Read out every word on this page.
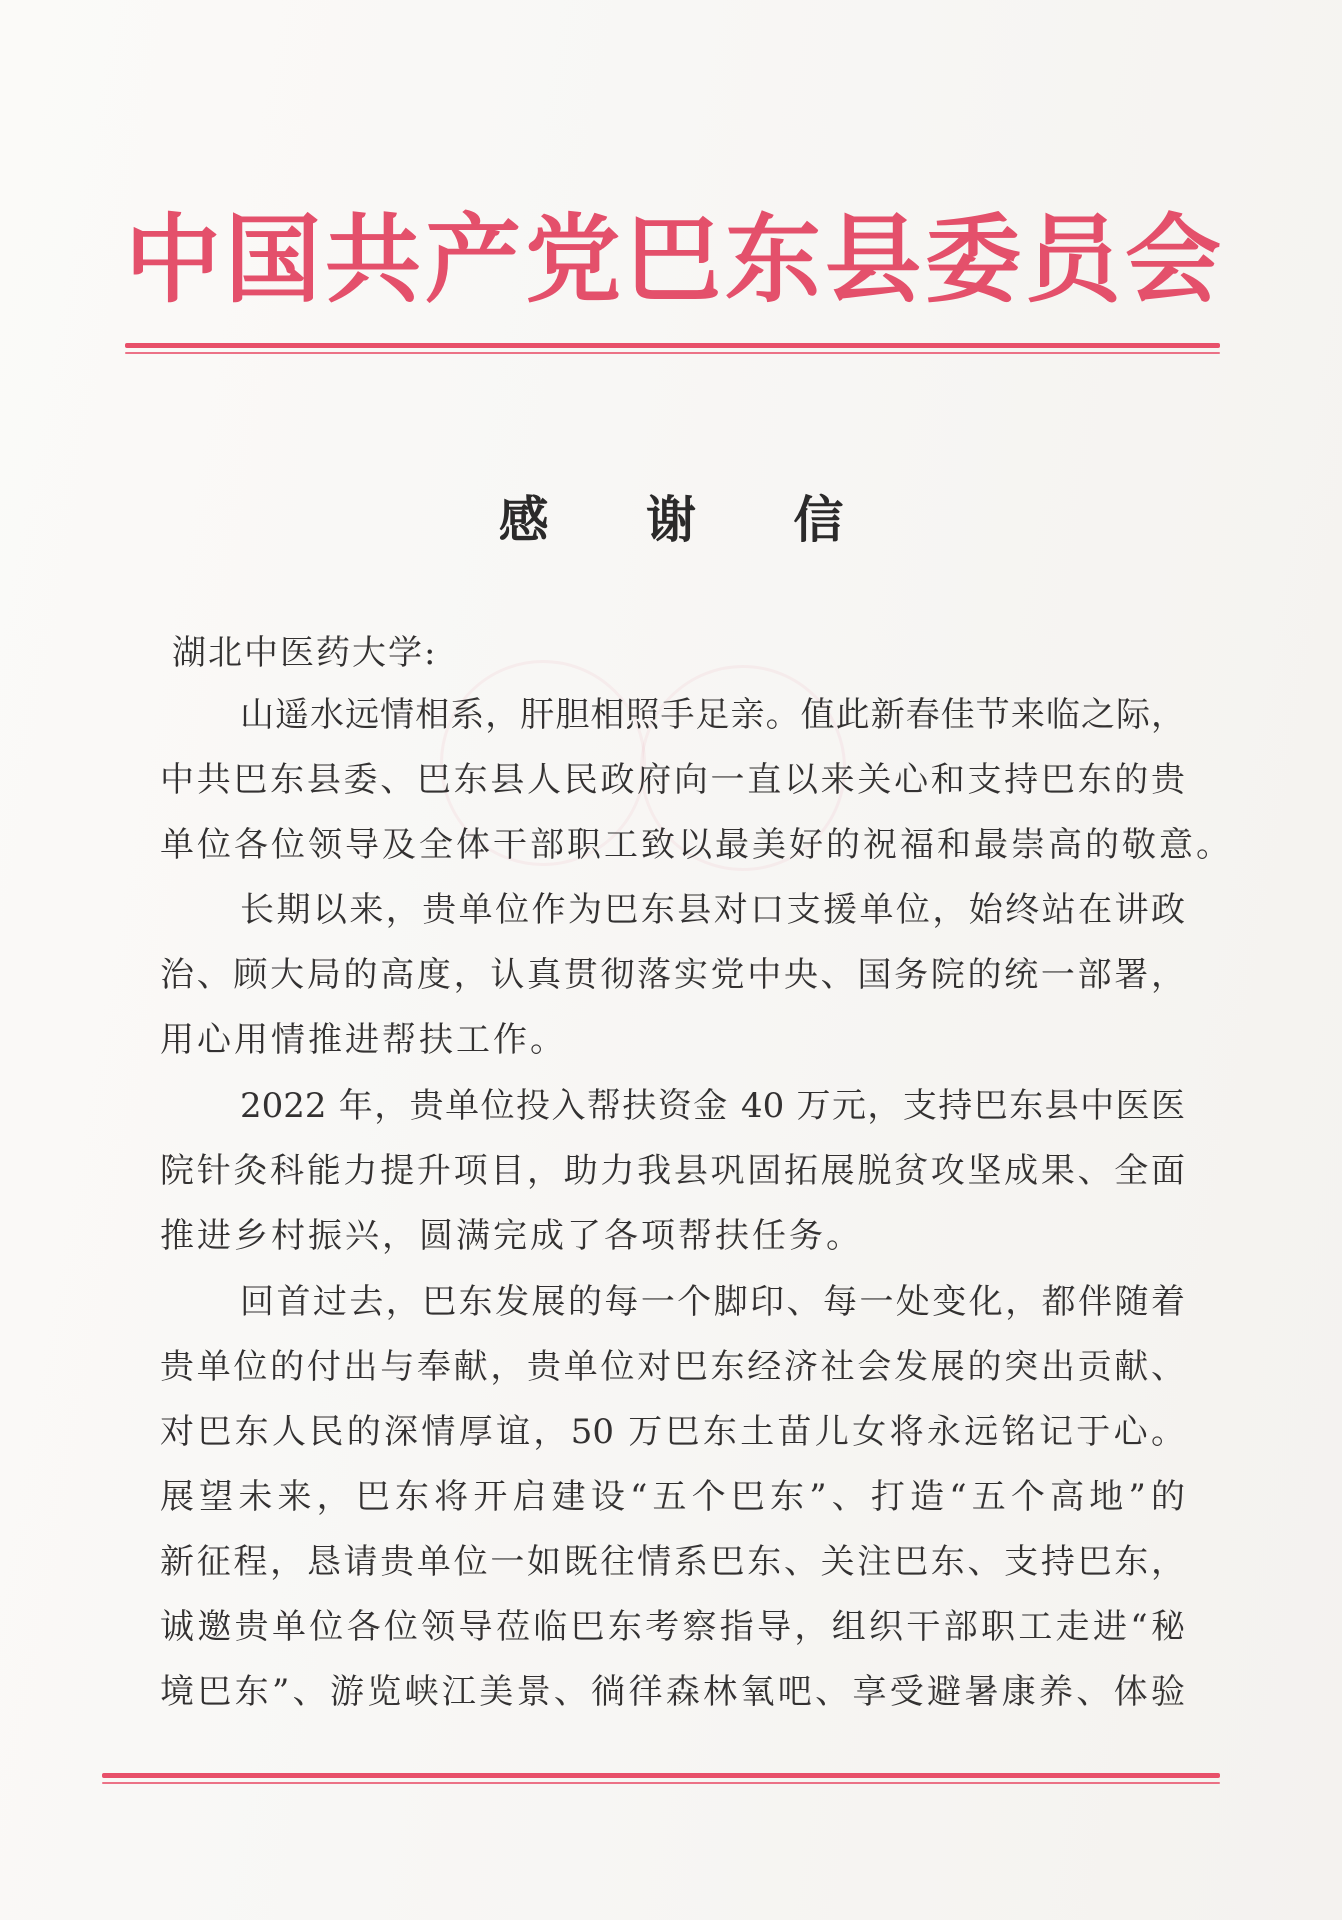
中国共产党巴东县委员会
感 谢 信
湖北中医药大学:
山遥水远情相系，肝胆相照手足亲。值此新春佳节来临之际，
中共巴东县委、巴东县人民政府向一直以来关心和支持巴东的贵
单位各位领导及全体干部职工致以最美好的祝福和最崇高的敬意。
长期以来，贵单位作为巴东县对口支援单位，始终站在讲政
治、顾大局的高度，认真贯彻落实党中央、国务院的统一部署，
用心用情推进帮扶工作。
2022 年，贵单位投入帮扶资金 40 万元，支持巴东县中医医
院针灸科能力提升项目，助力我县巩固拓展脱贫攻坚成果、全面
推进乡村振兴，圆满完成了各项帮扶任务。
回首过去，巴东发展的每一个脚印、每一处变化，都伴随着
贵单位的付出与奉献，贵单位对巴东经济社会发展的突出贡献、
对巴东人民的深情厚谊，50 万巴东土苗儿女将永远铭记于心。
展望未来，巴东将开启建设“五个巴东”、打造“五个高地”的
新征程，恳请贵单位一如既往情系巴东、关注巴东、支持巴东，
诚邀贵单位各位领导莅临巴东考察指导，组织干部职工走进“秘
境巴东”、游览峡江美景、徜徉森林氧吧、享受避暑康养、体验
